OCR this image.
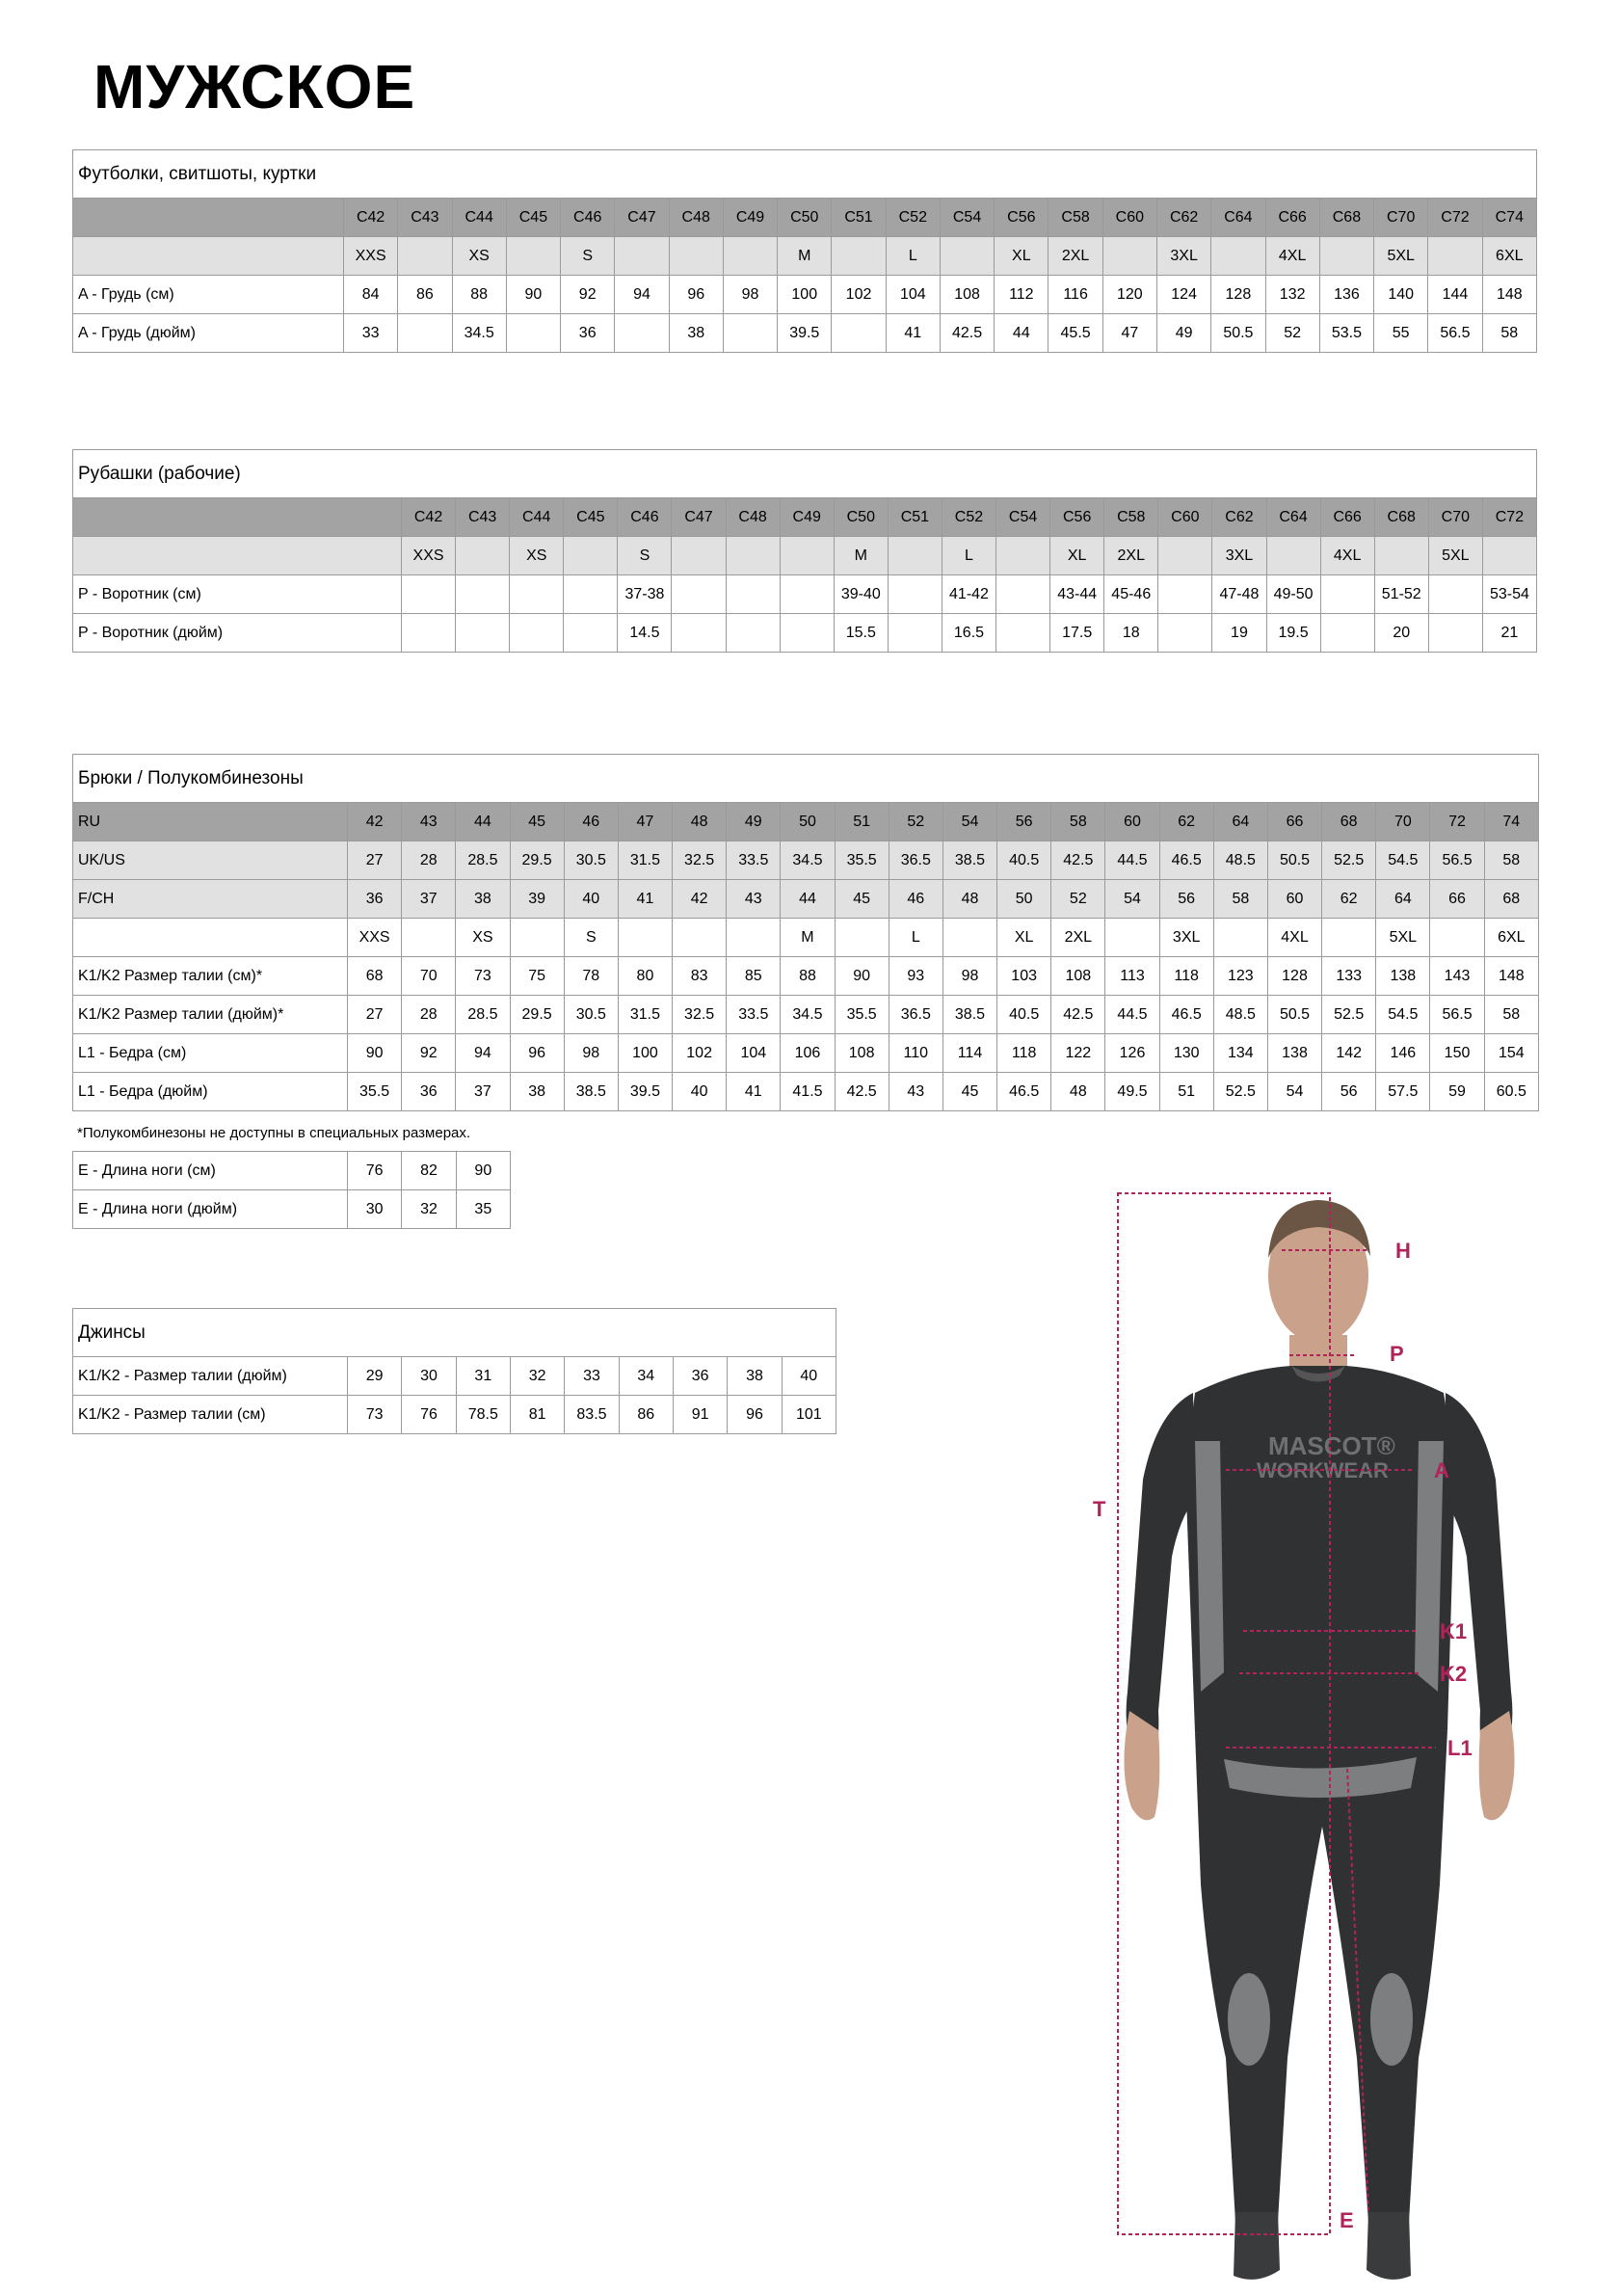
МУЖСКОЕ
Футболки, свитшоты, куртки																						
	C42	C43	C44	C45	C46	C47	C48	C49	C50	C51	C52	C54	C56	C58	C60	C62	C64	C66	C68	C70	C72	C74
	XXS		XS		S				M		L		XL	2XL		3XL		4XL		5XL		6XL
A - Грудь (см)	84	86	88	90	92	94	96	98	100	102	104	108	112	116	120	124	128	132	136	140	144	148
A - Грудь (дюйм)	33		34.5		36		38		39.5		41	42.5	44	45.5	47	49	50.5	52	53.5	55	56.5	58
Рубашки (рабочие)																					
	C42	C43	C44	C45	C46	C47	C48	C49	C50	C51	C52	C54	C56	C58	C60	C62	C64	C66	C68	C70	C72
	XXS		XS		S				M		L		XL	2XL		3XL		4XL		5XL	
P - Воротник (см)					37-38				39-40		41-42		43-44	45-46		47-48	49-50		51-52		53-54
P - Воротник (дюйм)					14.5				15.5		16.5		17.5	18		19	19.5		20		21
Брюки / Полукомбинезоны																						
RU	42	43	44	45	46	47	48	49	50	51	52	54	56	58	60	62	64	66	68	70	72	74
UK/US	27	28	28.5	29.5	30.5	31.5	32.5	33.5	34.5	35.5	36.5	38.5	40.5	42.5	44.5	46.5	48.5	50.5	52.5	54.5	56.5	58
F/CH	36	37	38	39	40	41	42	43	44	45	46	48	50	52	54	56	58	60	62	64	66	68
	XXS		XS		S				M		L		XL	2XL		3XL		4XL		5XL		6XL
K1/K2 Размер талии (см)*	68	70	73	75	78	80	83	85	88	90	93	98	103	108	113	118	123	128	133	138	143	148
K1/K2 Размер талии (дюйм)*	27	28	28.5	29.5	30.5	31.5	32.5	33.5	34.5	35.5	36.5	38.5	40.5	42.5	44.5	46.5	48.5	50.5	52.5	54.5	56.5	58
L1 - Бедра (см)	90	92	94	96	98	100	102	104	106	108	110	114	118	122	126	130	134	138	142	146	150	154
L1 - Бедра (дюйм)	35.5	36	37	38	38.5	39.5	40	41	41.5	42.5	43	45	46.5	48	49.5	51	52.5	54	56	57.5	59	60.5
*Полукомбинезоны не доступны в специальных размерах.
E - Длина ноги (см)	76	82	90
E - Длина ноги (дюйм)	30	32	35
Джинсы									
K1/K2 - Размер талии (дюйм)	29	30	31	32	33	34	36	38	40
K1/K2 - Размер талии (см)	73	76	78.5	81	83.5	86	91	96	101
MASCOT®
WORKWEAR
H
P
A
K1
K2
L1
T
E
